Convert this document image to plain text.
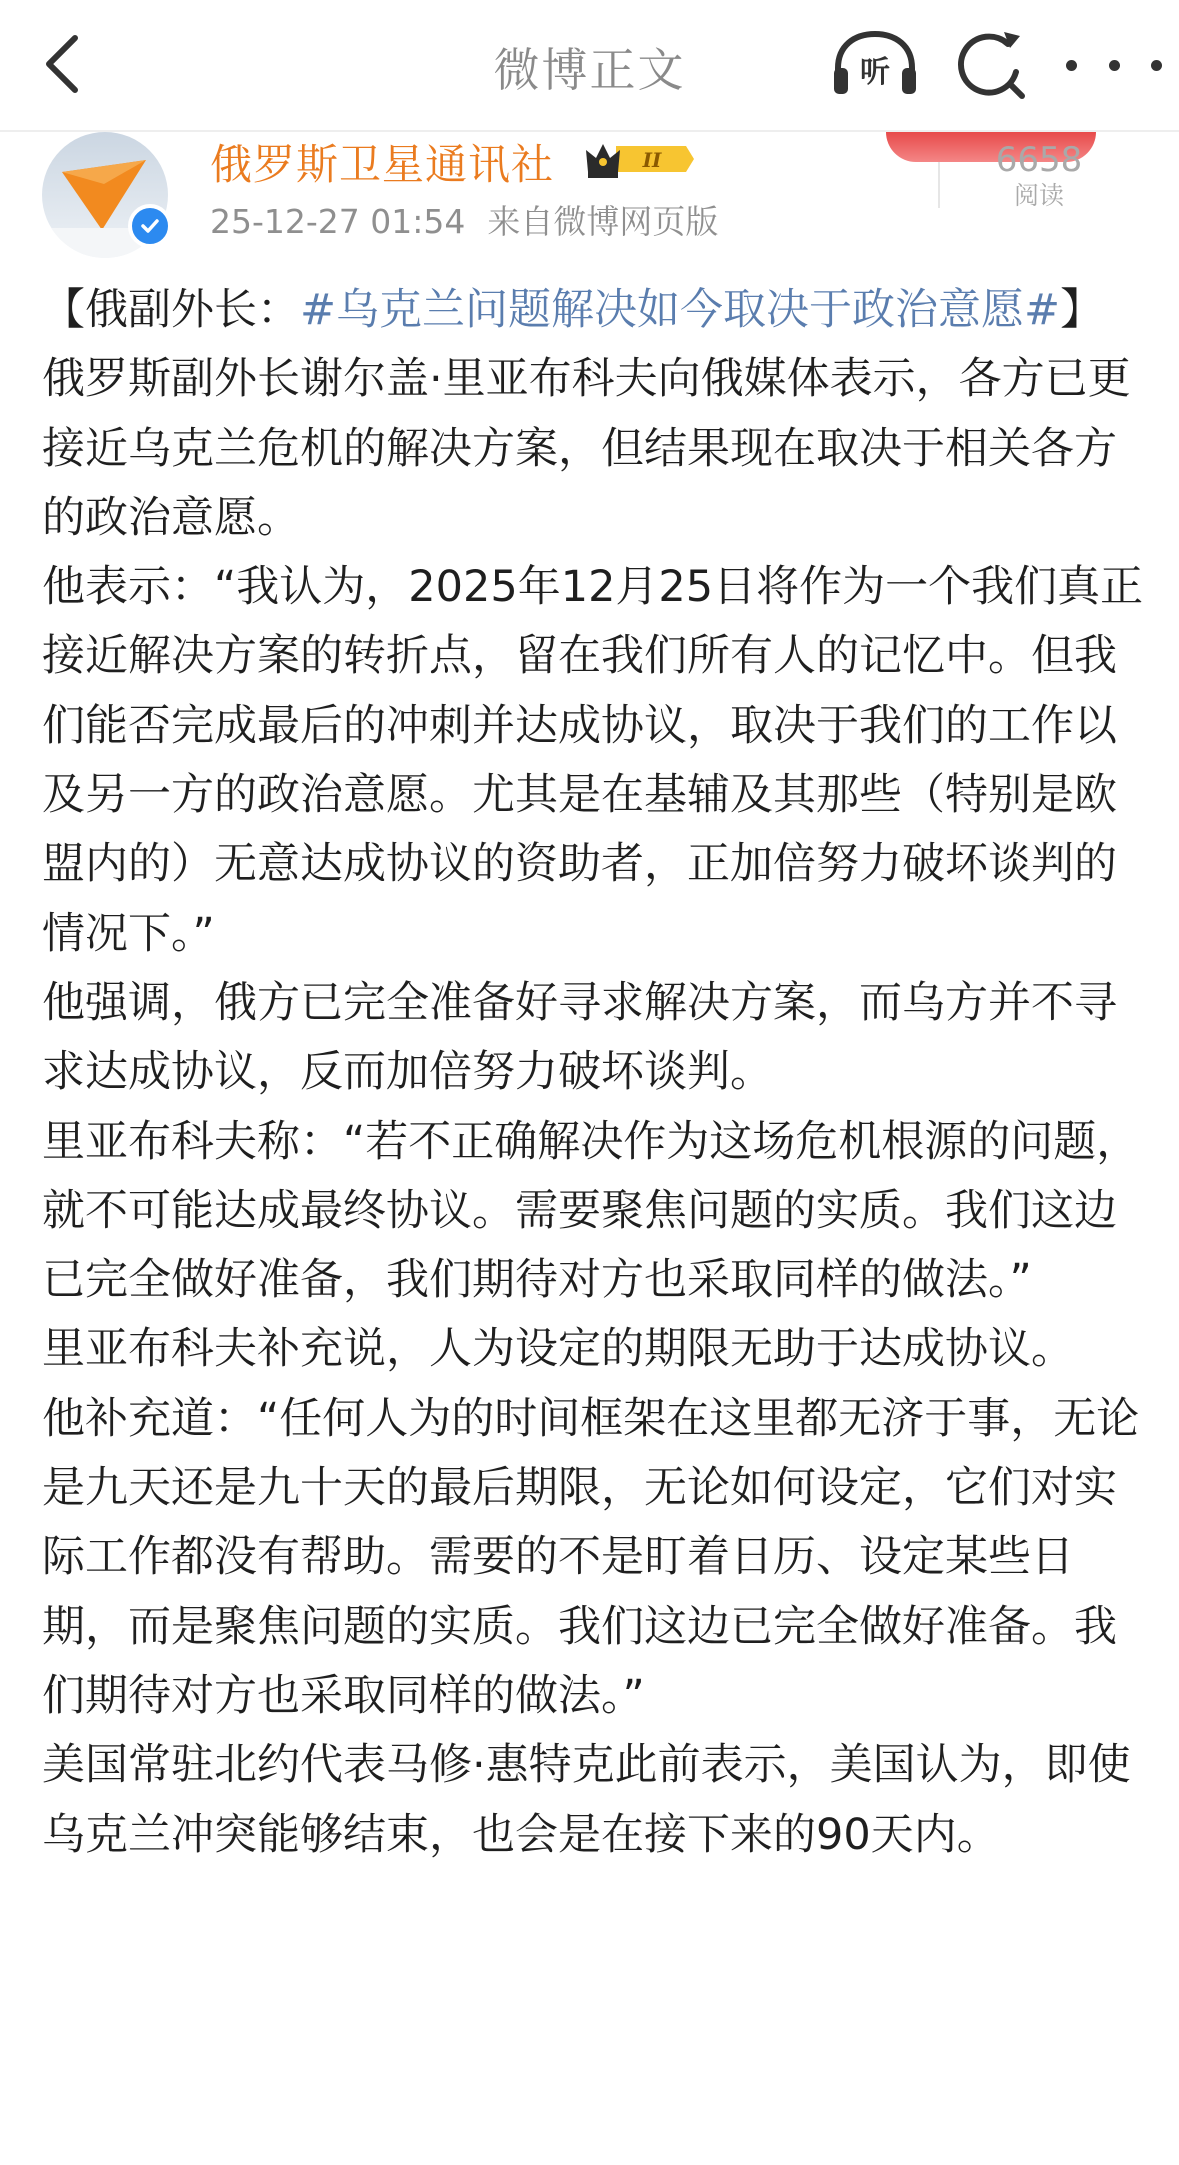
微博正文	听
俄罗斯卫星通讯社	II
25-12-27 01:54 来自微博网页版
6658
阅读

【俄副外长：#乌克兰问题解决如今取决于政治意愿#】俄罗斯副外长谢尔盖·里亚布科夫向俄媒体表示，各方已更接近乌克兰危机的解决方案，但结果现在取决于相关各方的政治意愿。

他表示：“我认为，2025年12月25日将作为一个我们真正接近解决方案的转折点，留在我们所有人的记忆中。但我们能否完成最后的冲刺并达成协议，取决于我们的工作以及另一方的政治意愿。尤其是在基辅及其那些（特别是欧盟内的）无意达成协议的资助者，正加倍努力破坏谈判的情况下。”

他强调，俄方已完全准备好寻求解决方案，而乌方并不寻求达成协议，反而加倍努力破坏谈判。

里亚布科夫称：“若不正确解决作为这场危机根源的问题，就不可能达成最终协议。需要聚焦问题的实质。我们这边已完全做好准备，我们期待对方也采取同样的做法。”

里亚布科夫补充说，人为设定的期限无助于达成协议。

他补充道：“任何人为的时间框架在这里都无济于事，无论是九天还是九十天的最后期限，无论如何设定，它们对实际工作都没有帮助。需要的不是盯着日历、设定某些日期，而是聚焦问题的实质。我们这边已完全做好准备。我们期待对方也采取同样的做法。”

美国常驻北约代表马修·惠特克此前表示，美国认为，即使乌克兰冲突能够结束，也会是在接下来的90天内。
